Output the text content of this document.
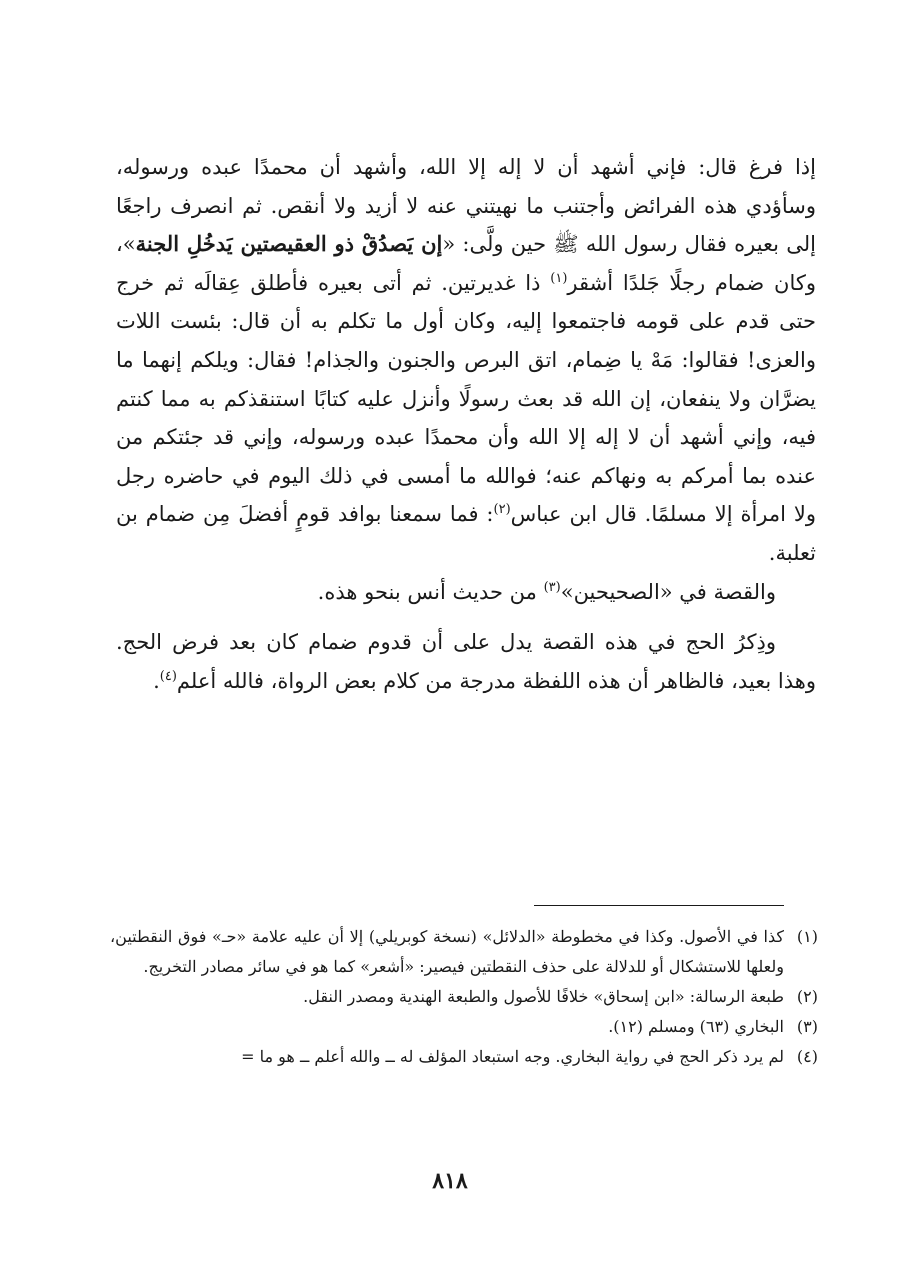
إذا فرغ قال: فإني أشهد أن لا إله إلا الله، وأشهد أن محمدًا عبده ورسوله، وسأؤدي هذه الفرائض وأجتنب ما نهيتني عنه لا أزيد ولا أنقص. ثم انصرف راجعًا إلى بعيره فقال رسول الله ﷺ حين ولَّى: «إن يَصدُقْ ذو العقيصتين يَدخُلِ الجنة»، وكان ضمام رجلًا جَلدًا أشقر$^{(١)}$ ذا غديرتين. ثم أتى بعيره فأطلق عِقالَه ثم خرج حتى قدم على قومه فاجتمعوا إليه، وكان أول ما تكلم به أن قال: بئست اللات والعزى! فقالوا: مَهْ يا ضِمام، اتق البرص والجنون والجذام! فقال: ويلكم إنهما ما يضرَّان ولا ينفعان، إن الله قد بعث رسولًا وأنزل عليه كتابًا استنقذكم به مما كنتم فيه، وإني أشهد أن لا إله إلا الله وأن محمدًا عبده ورسوله، وإني قد جئتكم من عنده بما أمركم به ونهاكم عنه؛ فوالله ما أمسى في ذلك اليوم في حاضره رجل ولا امرأة إلا مسلمًا. قال ابن عباس$^{(٢)}$: فما سمعنا بوافد قومٍ أفضلَ مِن ضمام بن ثعلبة.

والقصة في «الصحيحين»$^{(٣)}$ من حديث أنس بنحو هذه.

وذِكرُ الحج في هذه القصة يدل على أن قدوم ضمام كان بعد فرض الحج. وهذا بعيد، فالظاهر أن هذه اللفظة مدرجة من كلام بعض الرواة، فالله أعلم$^{(٤)}$.

(١)
كذا في الأصول. وكذا في مخطوطة «الدلائل» (نسخة كوبريلي) إلا أن عليه علامة «حـ» فوق النقطتين، ولعلها للاستشكال أو للدلالة على حذف النقطتين فيصير: «أشعر» كما هو في سائر مصادر التخريج.
(٢)
طبعة الرسالة: «ابن إسحاق» خلافًا للأصول والطبعة الهندية ومصدر النقل.
(٣)
البخاري (٦٣) ومسلم (١٢).
(٤)
لم يرد ذكر الحج في رواية البخاري. وجه استبعاد المؤلف له ــ والله أعلم ــ هو ما =
٨١٨
